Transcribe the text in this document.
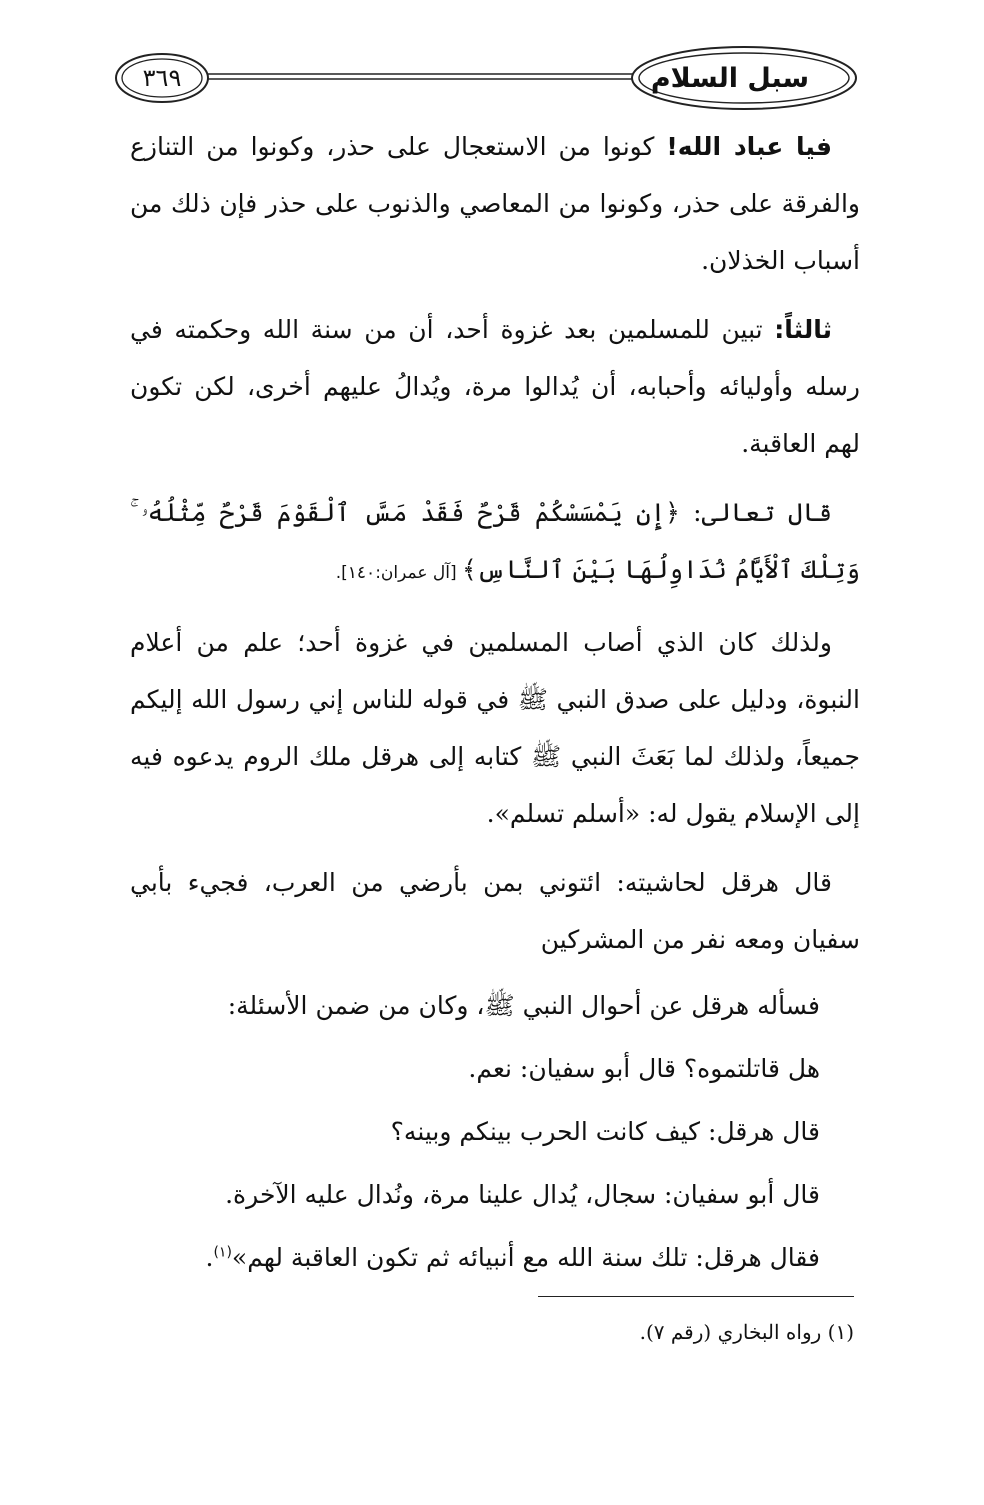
سبل السلام
٣٦٩

فيا عباد الله! كونوا من الاستعجال على حذر، وكونوا من التنازع والفرقة على حذر، وكونوا من المعاصي والذنوب على حذر فإن ذلك من أسباب الخذلان.

ثالثاً: تبين للمسلمين بعد غزوة أحد، أن من سنة الله وحكمته في رسله وأوليائه وأحبابه، أن يُدالوا مرة، ويُدالُ عليهم أخرى، لكن تكون لهم العاقبة.

قال تعالى: ﴿إِن يَمْسَسْكُمْ قَرْحٌ فَقَدْ مَسَّ ٱلْقَوْمَ قَرْحٌ مِّثْلُهُۥ ۚ وَتِلْكَ ٱلْأَيَّامُ نُدَاوِلُهَا بَيْنَ ٱلنَّاسِ﴾ [آل عمران:١٤٠].

ولذلك كان الذي أصاب المسلمين في غزوة أحد؛ علم من أعلام النبوة، ودليل على صدق النبي ﷺ في قوله للناس إني رسول الله إليكم جميعاً، ولذلك لما بَعَثَ النبي ﷺ كتابه إلى هرقل ملك الروم يدعوه فيه إلى الإسلام يقول له: «أسلم تسلم».

قال هرقل لحاشيته: ائتوني بمن بأرضي من العرب، فجيء بأبي سفيان ومعه نفر من المشركين

فسأله هرقل عن أحوال النبي ﷺ، وكان من ضمن الأسئلة:

هل قاتلتموه؟ قال أبو سفيان: نعم.

قال هرقل: كيف كانت الحرب بينكم وبينه؟

قال أبو سفيان: سجال، يُدال علينا مرة، ونُدال عليه الآخرة.

فقال هرقل: تلك سنة الله مع أنبيائه ثم تكون العاقبة لهم»$^{(١)}$.

(١) رواه البخاري (رقم ٧).
